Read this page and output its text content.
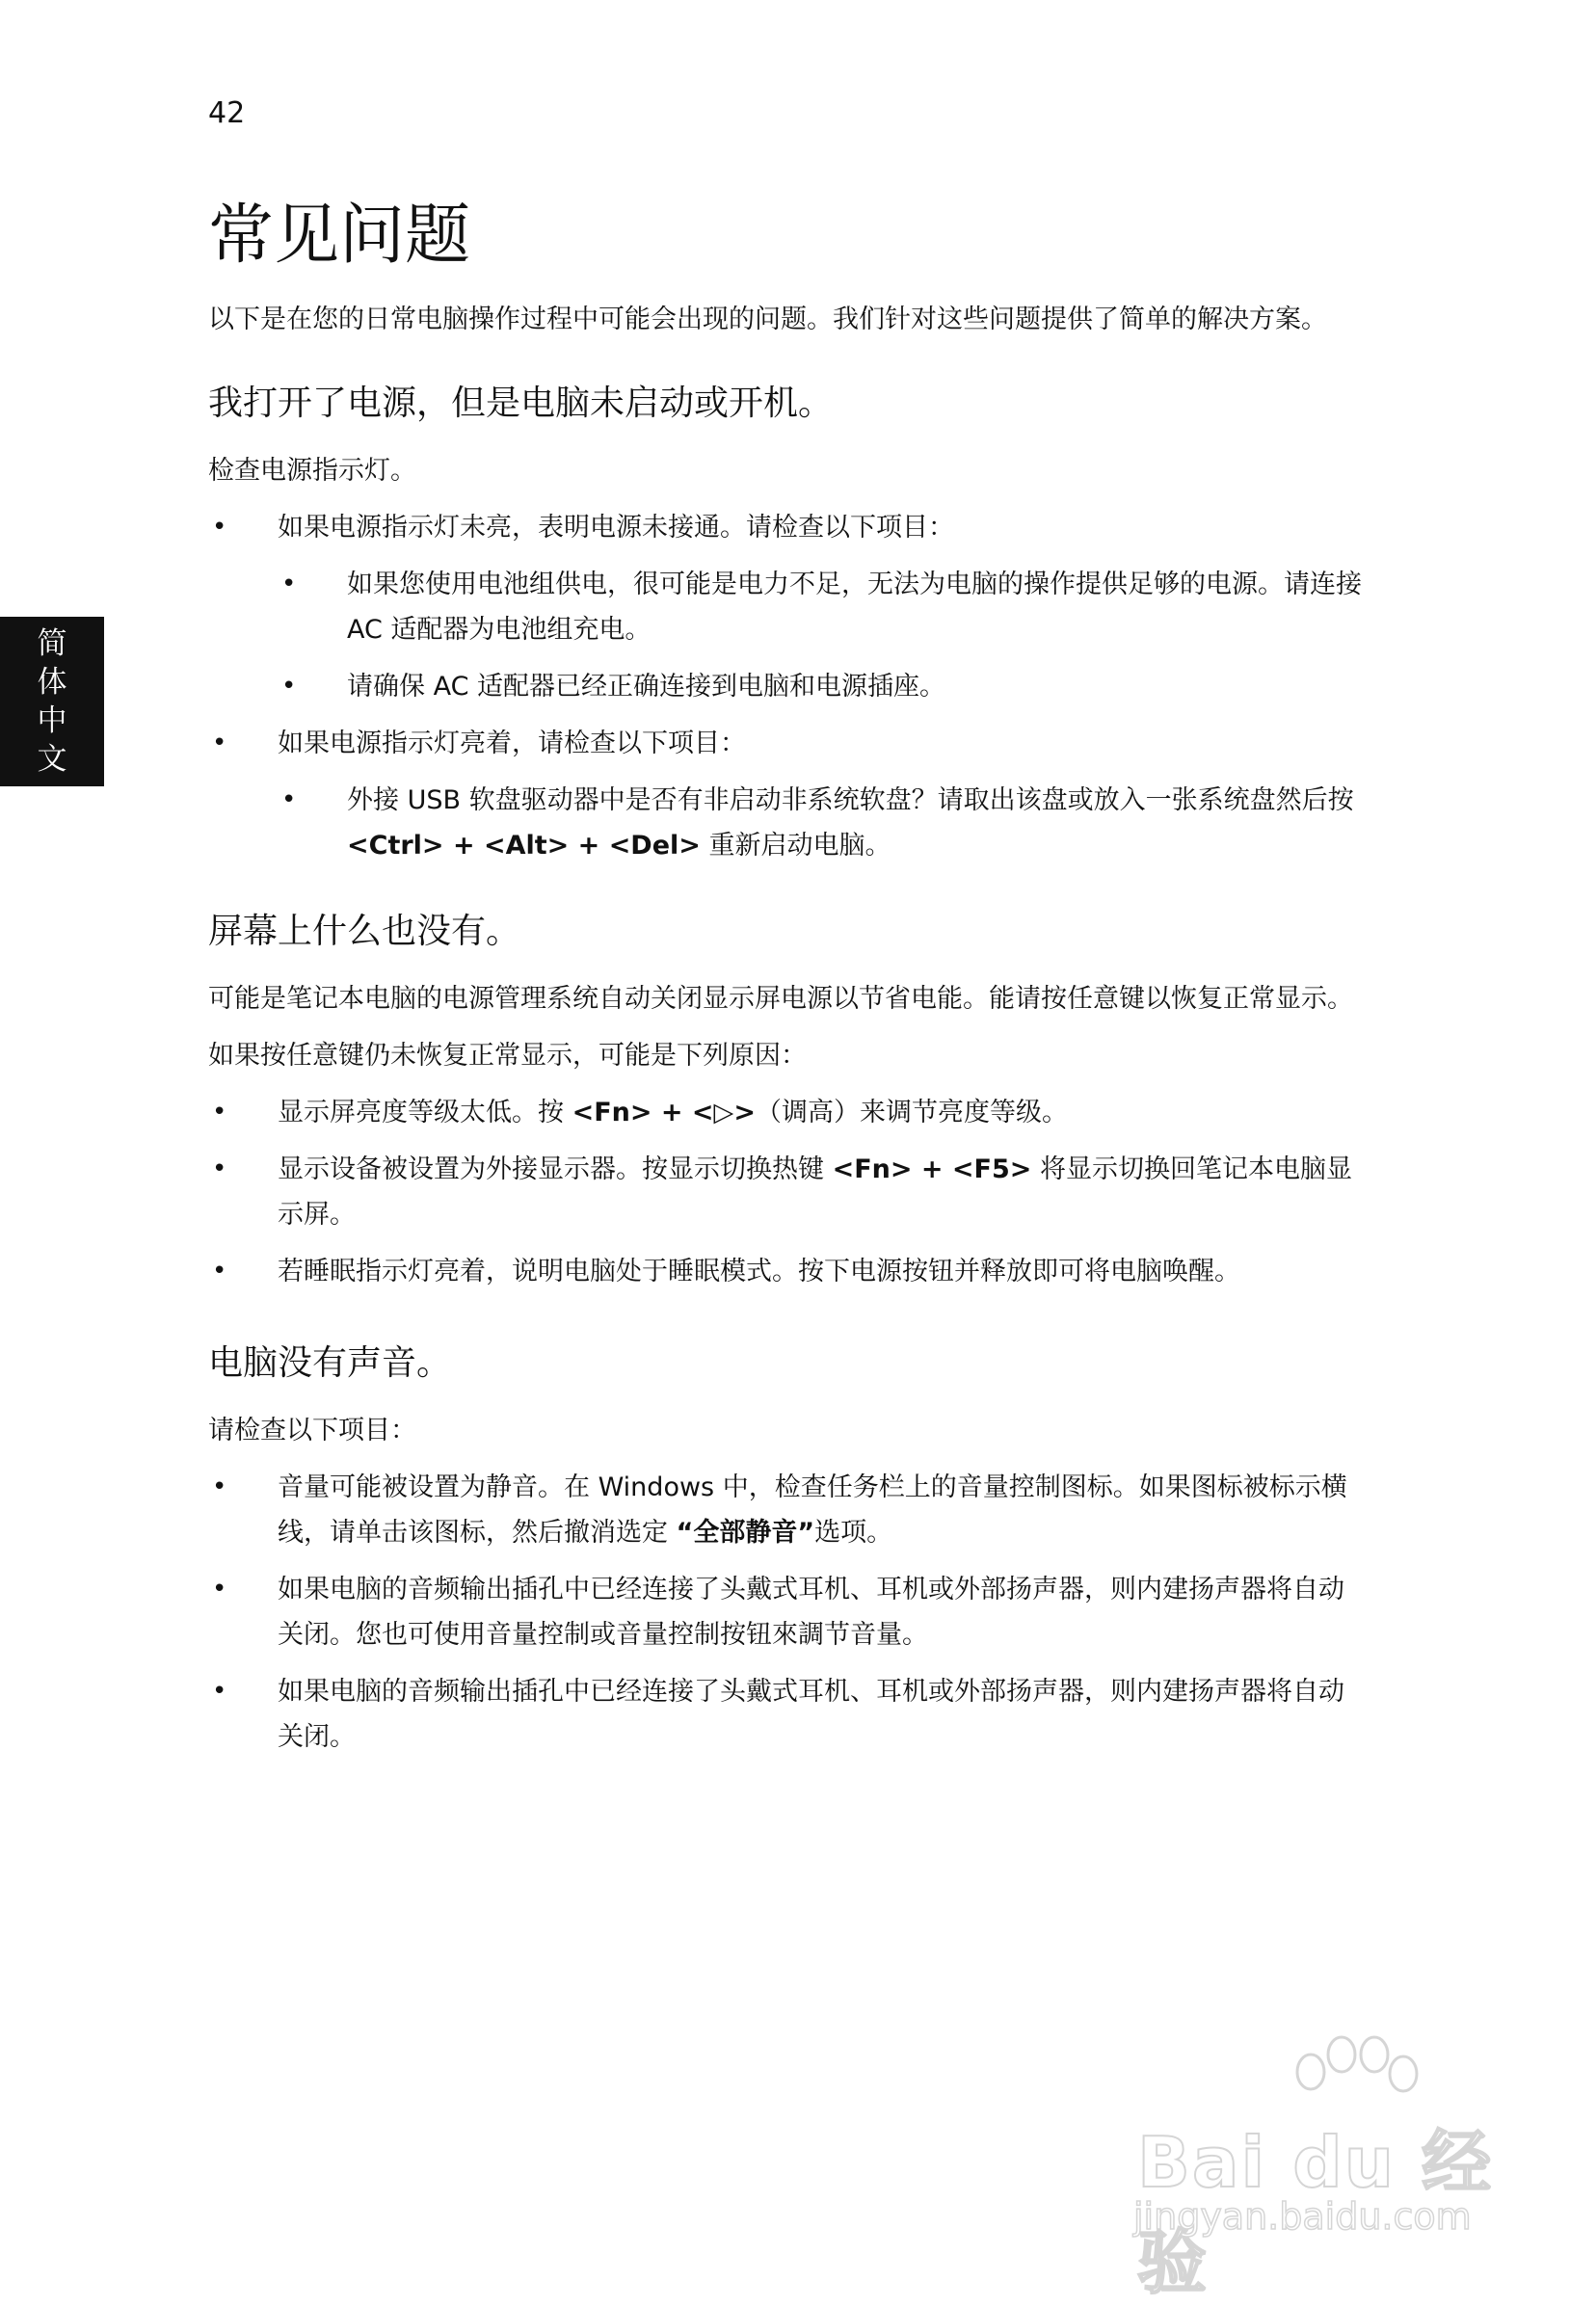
42
简
体
中
文
常见问题

以下是在您的日常电脑操作过程中可能会出现的问题。我们针对这些问题提供了简单的解决方案。

我打开了电源，但是电脑未启动或开机。

检查电源指示灯。

• 如果电源指示灯未亮，表明电源未接通。请检查以下项目：
• 如果您使用电池组供电，很可能是电力不足，无法为电脑的操作提供足够的电源。请连接 AC 适配器为电池组充电。
• 请确保 AC 适配器已经正确连接到电脑和电源插座。
• 如果电源指示灯亮着，请检查以下项目：
• 外接 USB 软盘驱动器中是否有非启动非系统软盘？请取出该盘或放入一张系统盘然后按 <Ctrl> + <Alt> + <Del> 重新启动电脑。
屏幕上什么也没有。

可能是笔记本电脑的电源管理系统自动关闭显示屏电源以节省电能。能请按任意键以恢复正常显示。

如果按任意键仍未恢复正常显示，可能是下列原因：

• 显示屏亮度等级太低。按 <Fn> + <▷>（调高）来调节亮度等级。
• 显示设备被设置为外接显示器。按显示切换热键 <Fn> + <F5> 将显示切换回笔记本电脑显示屏。
• 若睡眠指示灯亮着，说明电脑处于睡眠模式。按下电源按钮并释放即可将电脑唤醒。
电脑没有声音。

请检查以下项目：

• 音量可能被设置为静音。在 Windows 中，检查任务栏上的音量控制图标。如果图标被标示横线，请单击该图标，然后撤消选定 “全部静音”选项。
• 如果电脑的音频输出插孔中已经连接了头戴式耳机、耳机或外部扬声器，则内建扬声器将自动关闭。您也可使用音量控制或音量控制按钮來調节音量。
• 如果电脑的音频输出插孔中已经连接了头戴式耳机、耳机或外部扬声器，则内建扬声器将自动关闭。
Bai du 经验
jingyan.baidu.com
